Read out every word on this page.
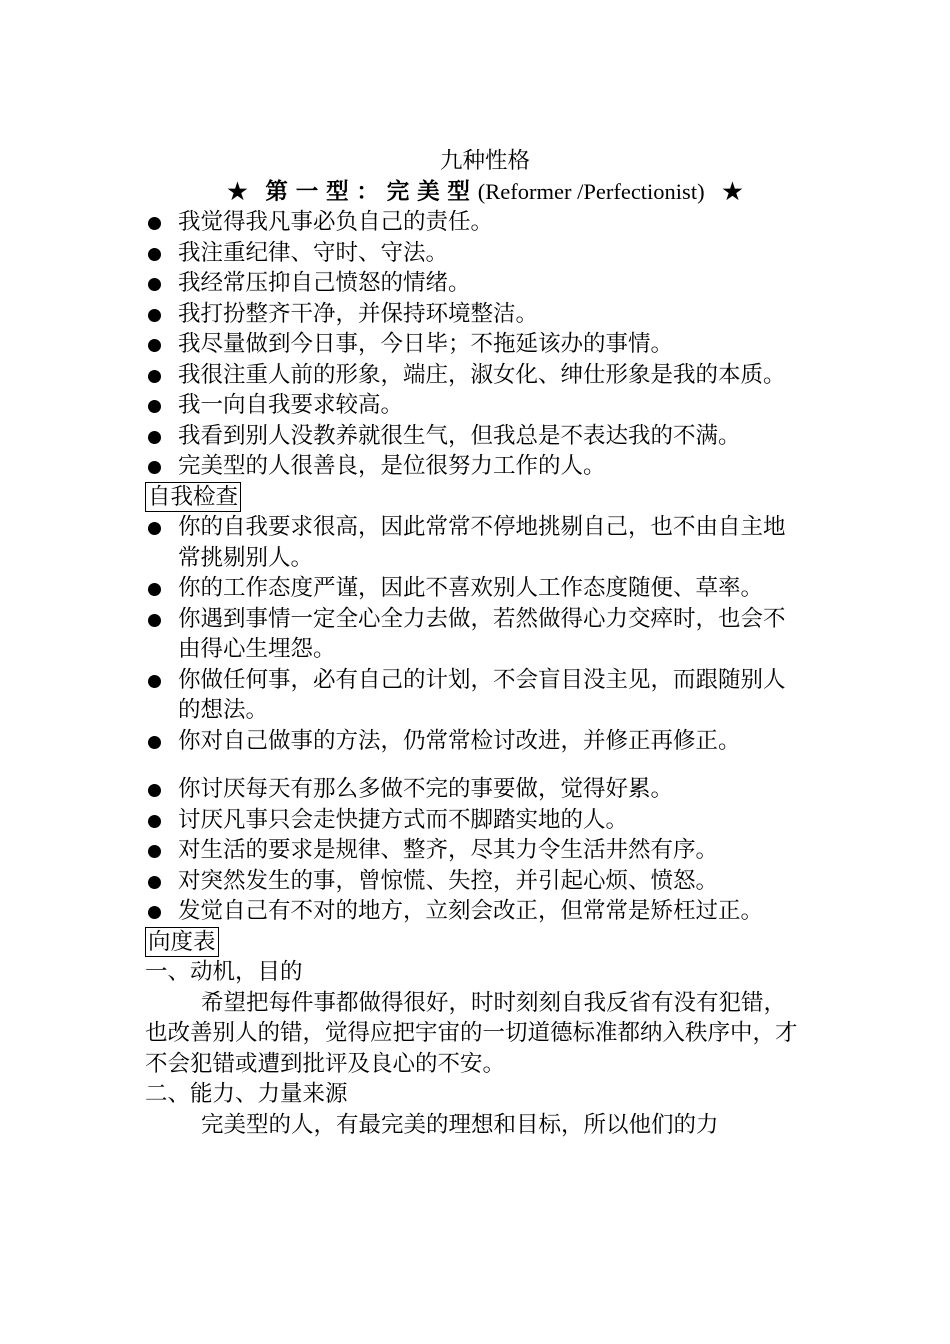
九种性格
★ 第 一 型 ： 完 美 型 (Reformer /Perfectionist) ★
我觉得我凡事必负自己的责任。
我注重纪律、守时、守法。
我经常压抑自己愤怒的情绪。
我打扮整齐干净，并保持环境整洁。
我尽量做到今日事，今日毕；不拖延该办的事情。
我很注重人前的形象，端庄，淑女化、绅仕形象是我的本质。
我一向自我要求较高。
我看到别人没教养就很生气，但我总是不表达我的不满。
完美型的人很善良，是位很努力工作的人。
自我检查
你的自我要求很高，因此常常不停地挑剔自己，也不由自主地常挑剔别人。
你的工作态度严谨，因此不喜欢别人工作态度随便、草率。
你遇到事情一定全心全力去做，若然做得心力交瘁时，也会不由得心生埋怨。
你做任何事，必有自己的计划，不会盲目没主见，而跟随别人的想法。
你对自己做事的方法，仍常常检讨改进，并修正再修正。
你讨厌每天有那么多做不完的事要做，觉得好累。
讨厌凡事只会走快捷方式而不脚踏实地的人。
对生活的要求是规律、整齐，尽其力令生活井然有序。
对突然发生的事，曾惊慌、失控，并引起心烦、愤怒。
发觉自己有不对的地方，立刻会改正，但常常是矫枉过正。
向度表
一、动机，目的
希望把每件事都做得很好，时时刻刻自我反省有没有犯错，也改善别人的错，觉得应把宇宙的一切道德标准都纳入秩序中，才不会犯错或遭到批评及良心的不安。
二、能力、力量来源
完美型的人，有最完美的理想和目标，所以他们的力
